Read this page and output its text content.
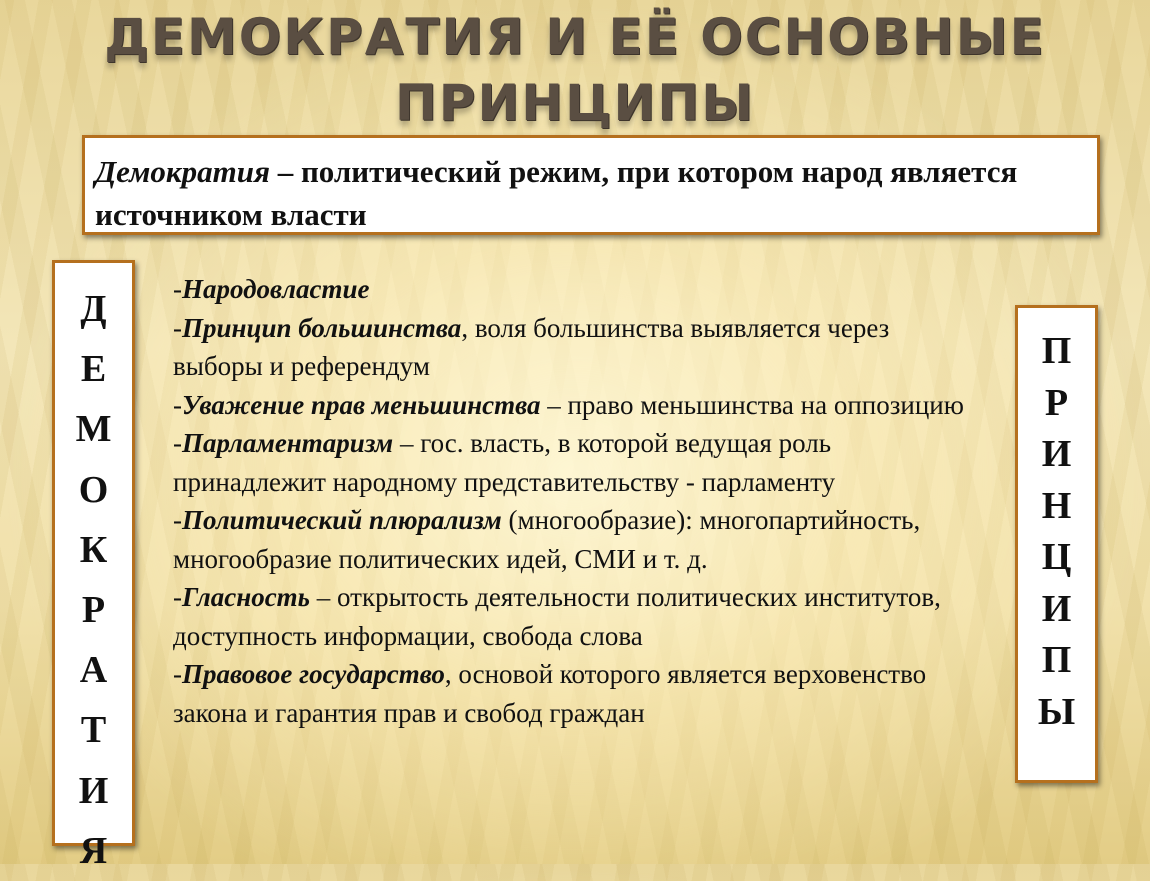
ДЕМОКРАТИЯ И ЕЁ ОСНОВНЫЕ
ПРИНЦИПЫ
Демократия – политический режим, при котором народ является источником власти
Д
Е
М
О
К
Р
А
Т
И
Я

-Народовластие

-Принцип большинства, воля большинства выявляется через выборы и референдум

-Уважение прав меньшинства – право меньшинства на оппозицию

-Парламентаризм – гос. власть, в которой ведущая роль принадлежит народному представительству - парламенту

-Политический плюрализм (многообразие): многопартийность, многообразие политических идей, СМИ и т. д.

-Гласность – открытость деятельности политических институтов, доступность информации, свобода слова

-Правовое государство, основой которого является верховенство закона и гарантия прав и свобод граждан

П
Р
И
Н
Ц
И
П
Ы
